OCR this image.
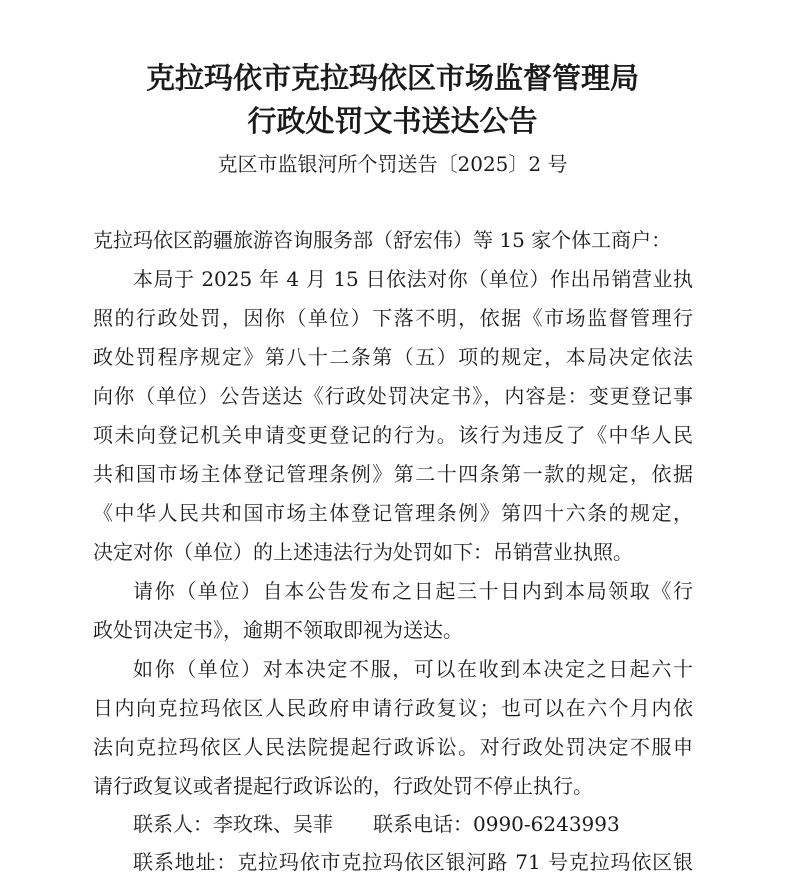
克拉玛依市克拉玛依区市场监督管理局
行政处罚文书送达公告
克区市监银河所个罚送告〔2025〕2 号

克拉玛依区韵疆旅游咨询服务部（舒宏伟）等 15 家个体工商户：

本局于 2025 年 4 月 15 日依法对你（单位）作出吊销营业执

照的行政处罚，因你（单位）下落不明，依据《市场监督管理行

政处罚程序规定》第八十二条第（五）项的规定，本局决定依法

向你（单位）公告送达《行政处罚决定书》，内容是：变更登记事

项未向登记机关申请变更登记的行为。该行为违反了《中华人民

共和国市场主体登记管理条例》第二十四条第一款的规定，依据

《中华人民共和国市场主体登记管理条例》第四十六条的规定，

决定对你（单位）的上述违法行为处罚如下：吊销营业执照。

请你（单位）自本公告发布之日起三十日内到本局领取《行

政处罚决定书》，逾期不领取即视为送达。

如你（单位）对本决定不服，可以在收到本决定之日起六十

日内向克拉玛依区人民政府申请行政复议；也可以在六个月内依

法向克拉玛依区人民法院提起行政诉讼。对行政处罚决定不服申

请行政复议或者提起行政诉讼的，行政处罚不停止执行。

联系人：李玫珠、吴菲　　联系电话：0990-6243993

联系地址：克拉玛依市克拉玛依区银河路 71 号克拉玛依区银
